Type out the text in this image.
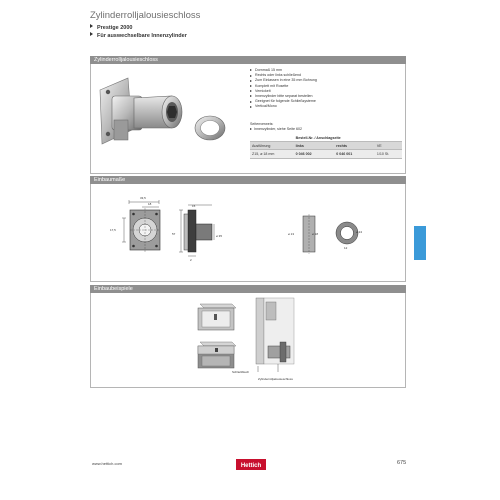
Zylinderrolljalousieschloss
Prestige 2000
Für auswechselbare Innenzylinder
Zylinderrolljalousieschloss
Dornmaß 15 mm
Rechts oder links schließend
Zum Einlassen in eine 35 mm Bohrung
Komplett mit Rosette
Vernickelt
Innenzylinder bitte separat bestellen
Geeignet für folgende Schließsysteme
Vertical/Mono
Seitenverweis:
Innenzylinder, siehe Seite 602
	Bestell-Nr. / Anschlagseite		
Ausführung	links	rechts	VE
Z15, ø 18 mm	0 046 002	0 046 001	1/10 St.
Einbaumaße
33,5
18
17,5
15
ø 35
57
2
ø 13	ø 18	ø 24
12
Einbaubeispiele
Schließblech
Zylinderrolljalousieschloss
www.hettich.com	Hettich	675
